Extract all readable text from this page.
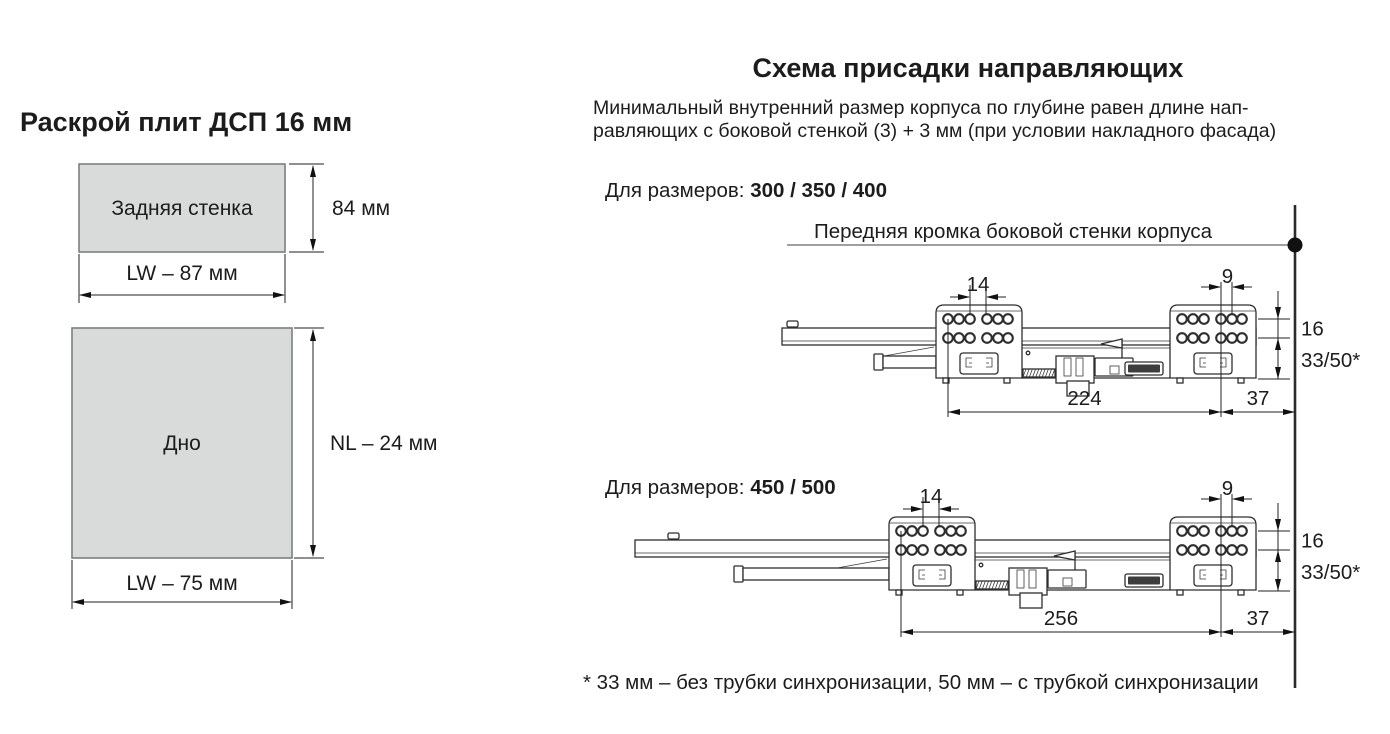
Раскрой плит ДСП 16 мм
Задняя стенка	84 мм
LW – 87 мм
Дно	NL – 24 мм
LW – 75 мм
Схема присадки направляющих
Минимальный внутренний размер корпуса по глубине равен длине нап-
равляющих с боковой стенкой (3) + 3 мм (при условии накладного фасада)
Для размеров: 300 / 350 / 400
Передняя кромка боковой стенки корпуса
14	9
16
33/50*
224	37
Для размеров: 450 / 500	14	9
16
33/50*
256	37
* 33 мм – без трубки синхронизации, 50 мм – с трубкой синхронизации
